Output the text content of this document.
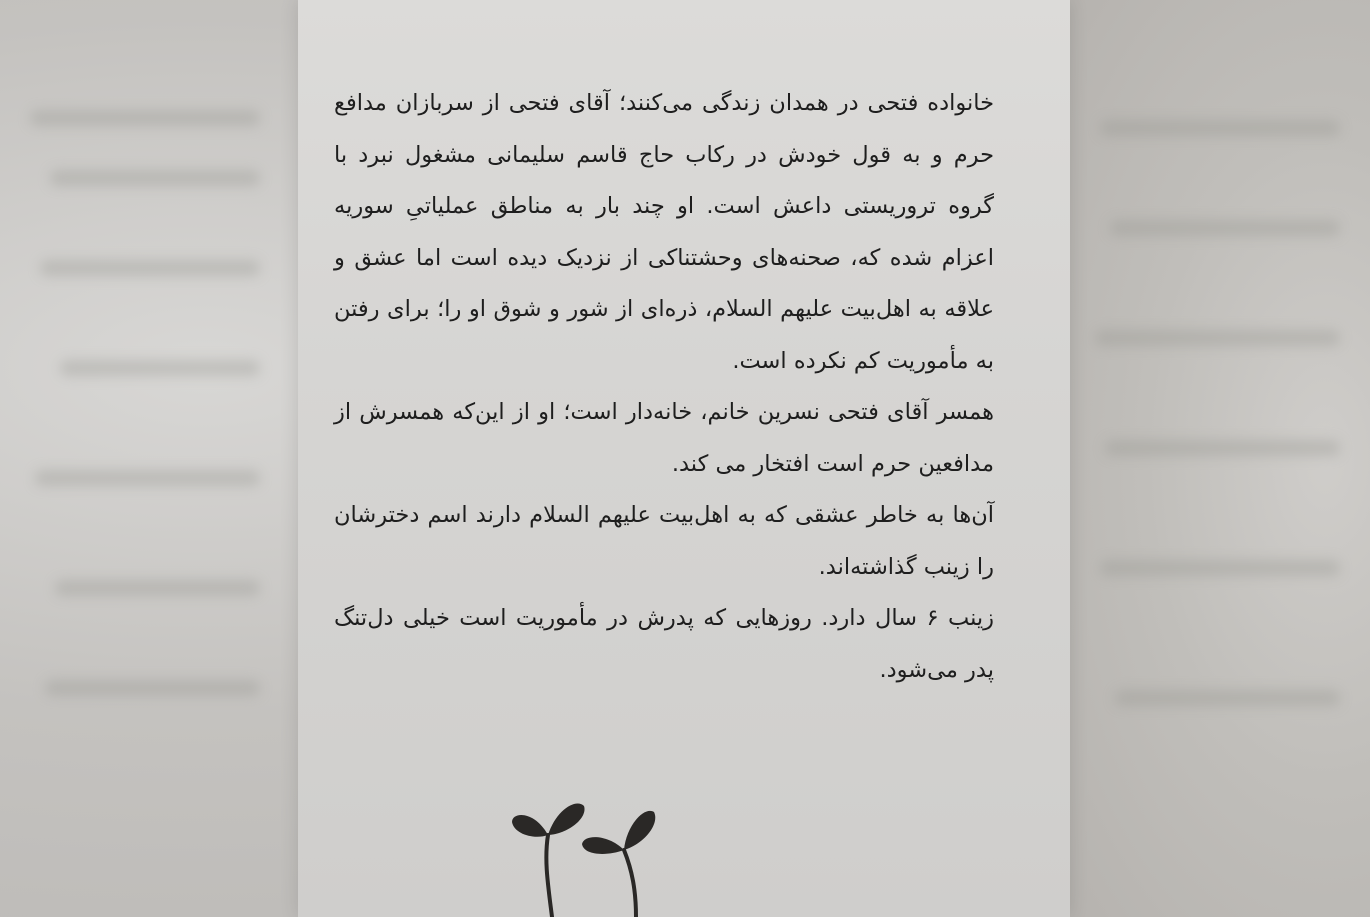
خانواده فتحی در همدان زندگی می‌کنند؛ آقای فتحی از سربازان مدافع حرم و به قول خودش در رکاب حاج قاسم سلیمانی مشغول نبرد با گروه تروریستی داعش است. او چند بار به مناطق عملیاتیِ سوریه اعزام شده که، صحنه‌های وحشتناکی از نزدیک دیده است اما عشق و علاقه به اهل‌بیت علیهم السلام، ذره‌ای از شور و شوق او را؛ برای رفتن به مأموریت کم نکرده است.

همسر آقای فتحی نسرین خانم، خانه‌دار است؛ او از این‌که همسرش از مدافعین حرم است افتخار می کند.

آن‌ها به خاطر عشقی که به اهل‌بیت علیهم السلام دارند اسم دخترشان را زینب گذاشته‌اند.

زینب ۶ سال دارد. روزهایی که پدرش در مأموریت است خیلی دل‌تنگ پدر می‌شود.
